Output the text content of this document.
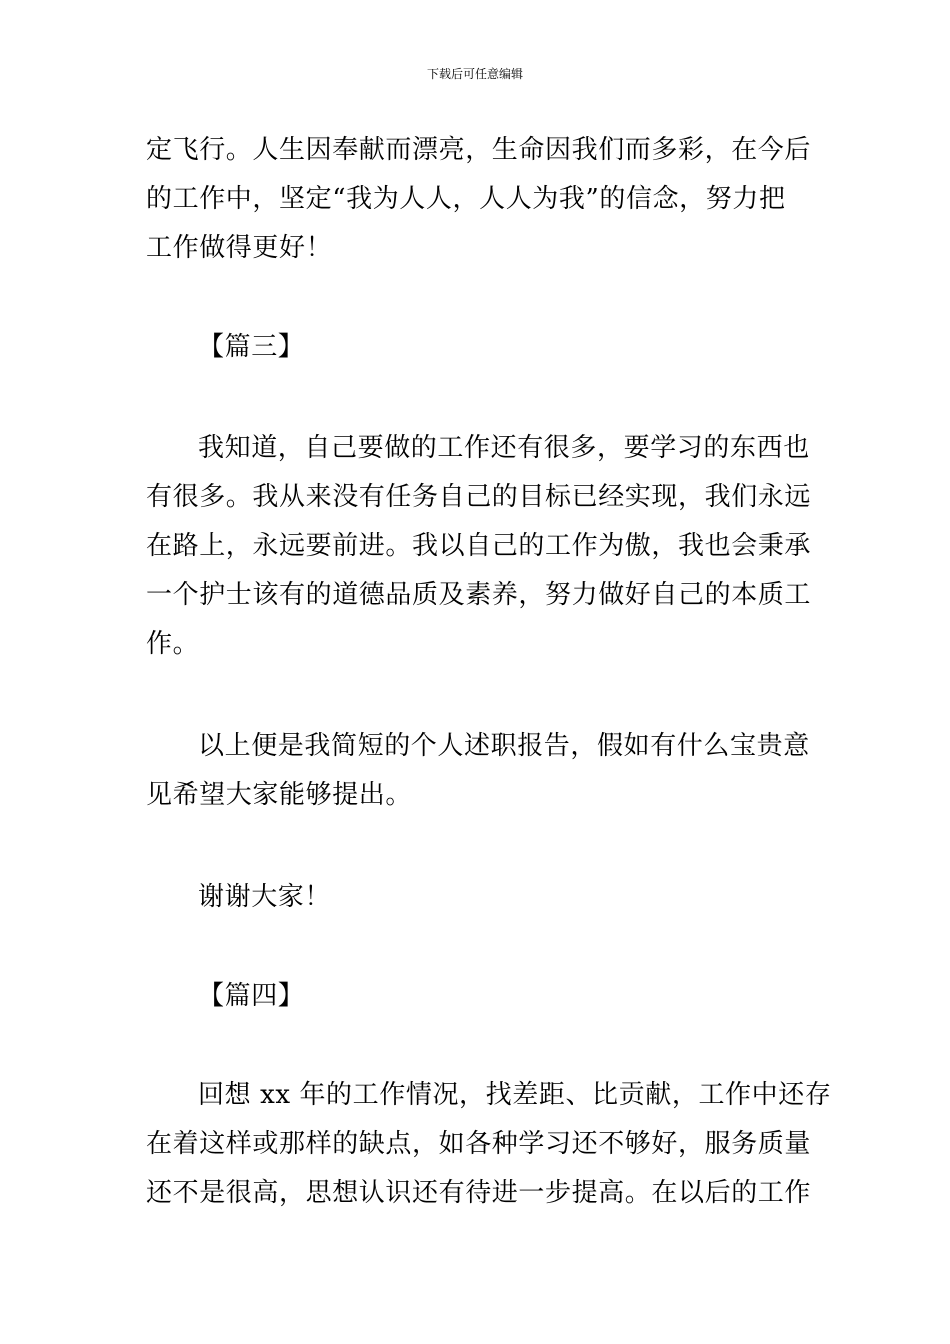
下载后可任意编辑
定飞行。人生因奉献而漂亮，生命因我们而多彩，在今后
的工作中，坚定“我为人人，人人为我”的信念，努力把
工作做得更好！
【篇三】
我知道，自己要做的工作还有很多，要学习的东西也
有很多。我从来没有任务自己的目标已经实现，我们永远
在路上，永远要前进。我以自己的工作为傲，我也会秉承
一个护士该有的道德品质及素养，努力做好自己的本质工
作。
以上便是我简短的个人述职报告，假如有什么宝贵意
见希望大家能够提出。
谢谢大家！
【篇四】
回想 xx 年的工作情况，找差距、比贡献，工作中还存
在着这样或那样的缺点，如各种学习还不够好，服务质量
还不是很高，思想认识还有待进一步提高。在以后的工作
